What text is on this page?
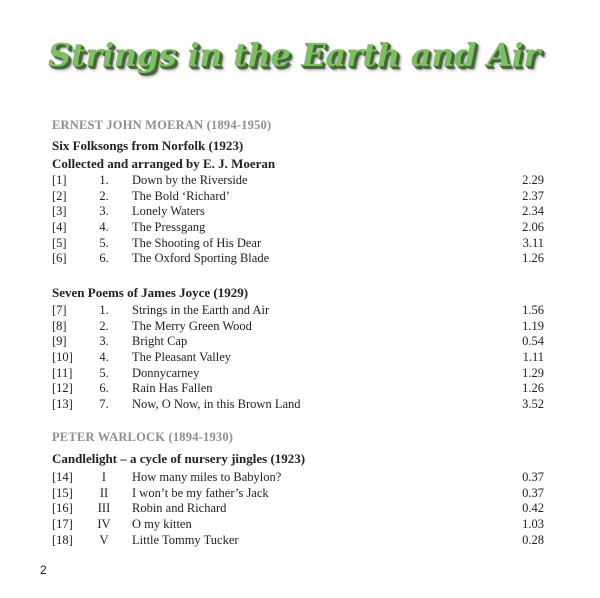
Strings in the Earth and Air
ERNEST JOHN MOERAN (1894-1950)
Six Folksongs from Norfolk (1923)
Collected and arranged by E. J. Moeran
[1]	1.	Down by the Riverside	2.29
[2]	2.	The Bold ‘Richard’	2.37
[3]	3.	Lonely Waters	2.34
[4]	4.	The Pressgang	2.06
[5]	5.	The Shooting of His Dear	3.11
[6]	6.	The Oxford Sporting Blade	1.26
Seven Poems of James Joyce (1929)
[7]	1.	Strings in the Earth and Air	1.56
[8]	2.	The Merry Green Wood	1.19
[9]	3.	Bright Cap	0.54
[10]	4.	The Pleasant Valley	1.11
[11]	5.	Donnycarney	1.29
[12]	6.	Rain Has Fallen	1.26
[13]	7.	Now, O Now, in this Brown Land	3.52
PETER WARLOCK (1894-1930)
Candlelight – a cycle of nursery jingles (1923)
[14]	I	How many miles to Babylon?	0.37
[15]	II	I won’t be my father’s Jack	0.37
[16]	III	Robin and Richard	0.42
[17]	IV	O my kitten	1.03
[18]	V	Little Tommy Tucker	0.28
2
